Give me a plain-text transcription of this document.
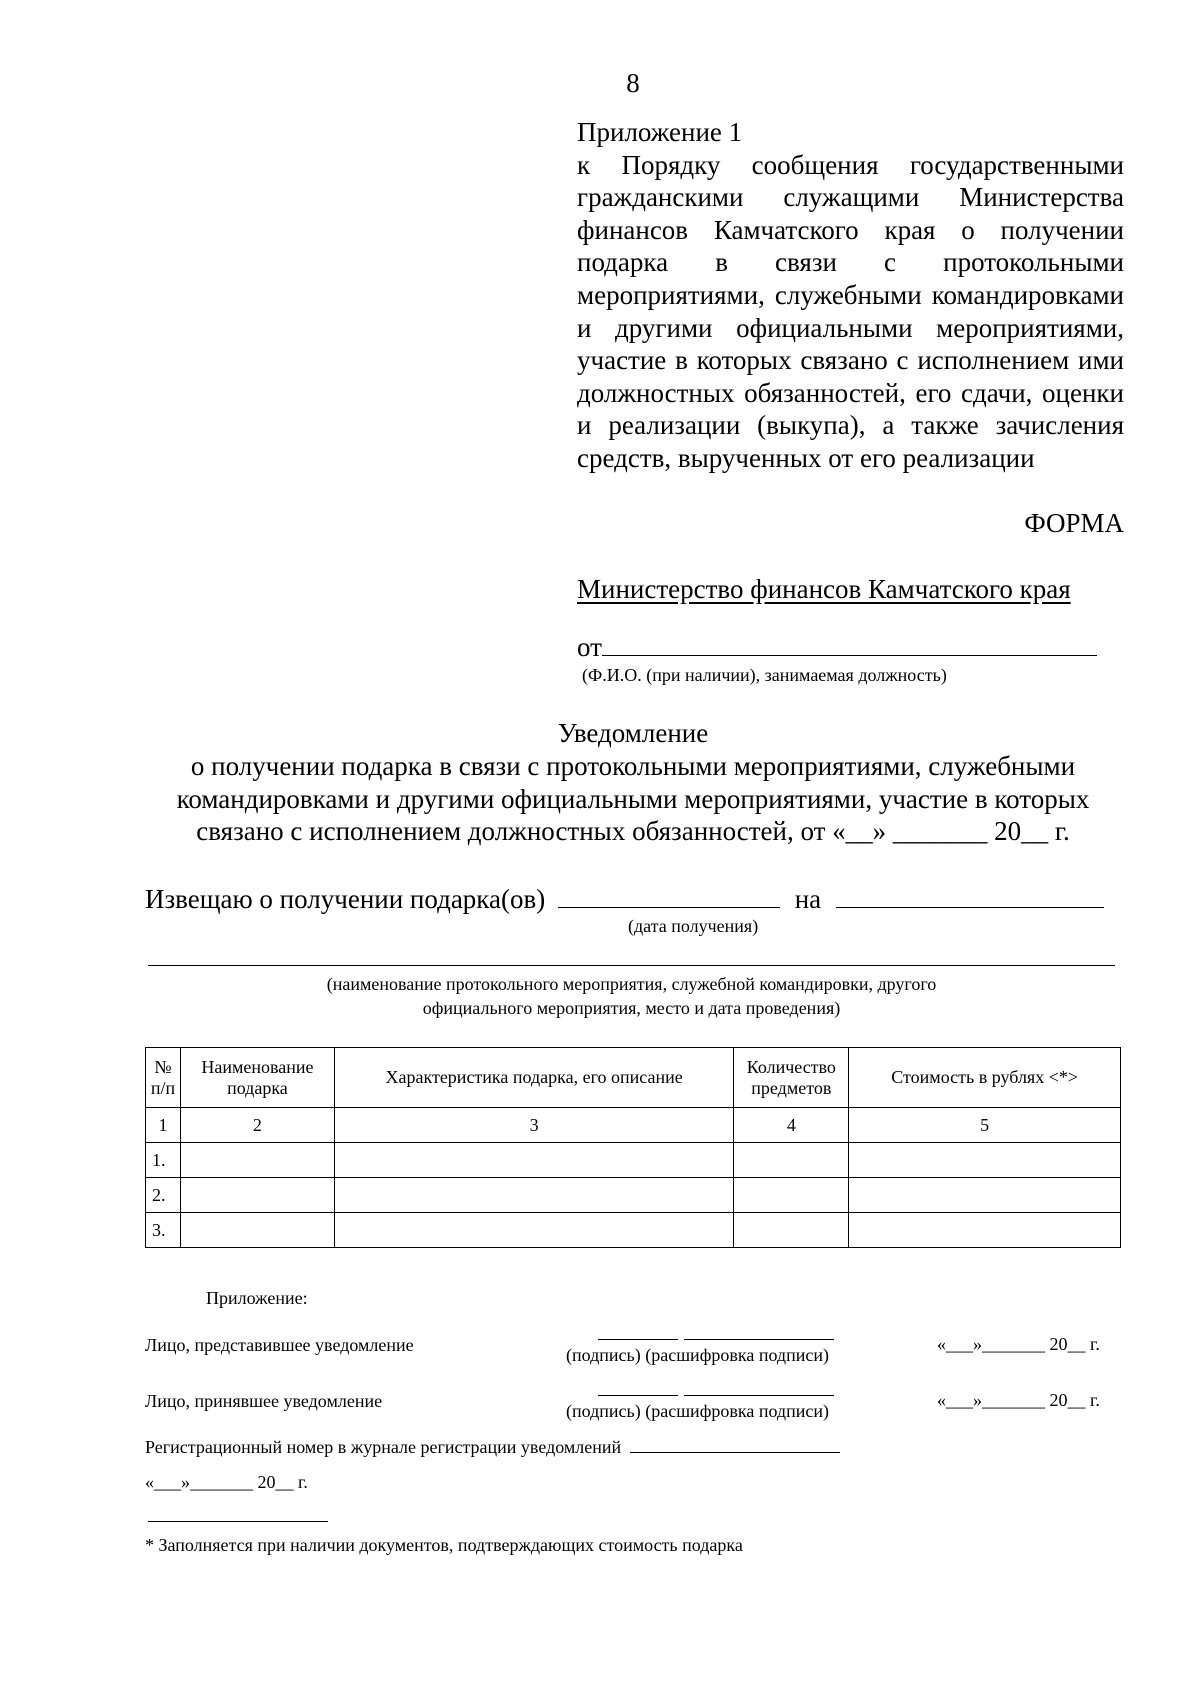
8
Приложение 1
к Порядку сообщения государственными гражданскими служащими Министерства финансов Камчатского края о получении подарка в связи с протокольными мероприятиями, служебными командировками и другими официальными мероприятиями, участие в которых связано с исполнением ими должностных обязанностей, его сдачи, оценки и реализации (выкупа), а также зачисления средств, вырученных от его реализации
ФОРМА
Министерство финансов Камчатского края
от
(Ф.И.О. (при наличии), занимаемая должность)
Уведомление
о получении подарка в связи с протокольными мероприятиями, служебными
командировками и другими официальными мероприятиями, участие в которых
связано с исполнением должностных обязанностей, от «__» _______ 20__ г.
Извещаю о получении подарка(ов)	на
(дата получения)
(наименование протокольного мероприятия, служебной командировки, другого
официального мероприятия, место и дата проведения)
№ п/п	Наименование подарка	Характеристика подарка, его описание	Количество предметов	Стоимость в рублях <*>
1	2	3	4	5
1.				
2.				
3.				
Приложение:
Лицо, представившее уведомление	(подпись) (расшифровка подписи)
«___»_______ 20__ г.
Лицо, принявшее уведомление	(подпись) (расшифровка подписи)
«___»_______ 20__ г.
Регистрационный номер в журнале регистрации уведомлений
«___»_______ 20__ г.
* Заполняется при наличии документов, подтверждающих стоимость подарка
